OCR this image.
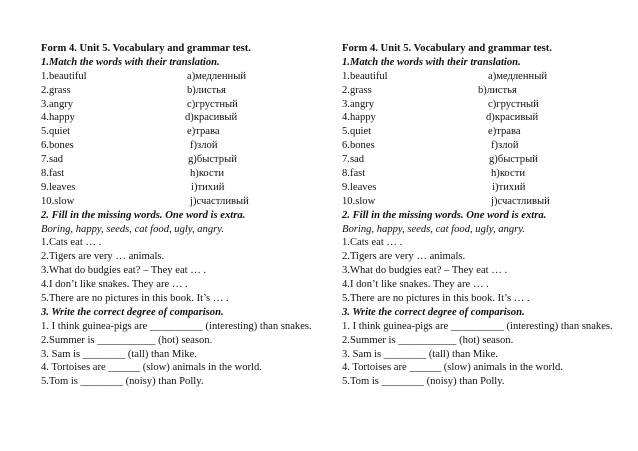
Form 4. Unit 5. Vocabulary and grammar test.
1.Match the words with their translation.
1.beautiful	а)медленный
2.grass	b)листья
3.angry	c)грустный
4.happy	d)красивый
5.quiet	e)трава
6.bones	f)злой
7.sad	g)быстрый
8.fast	h)кости
9.leaves	i)тихий
10.slow	j)счастливый
2. Fill in the missing words. One word is extra.
Boring, happy, seeds, cat food, ugly, angry.
1.Cats eat … .
2.Tigers are very … animals.
3.What do budgies eat? – They eat … .
4.I don’t like snakes. They are … .
5.There are no pictures in this book. It’s … .
3. Write the correct degree of comparison.
1. I think guinea-pigs are __________ (interesting) than snakes.
2.Summer is ___________ (hot) season.
3. Sam is ________ (tall) than Mike.
4. Tortoises are ______ (slow) animals in the world.
5.Tom is ________ (noisy) than Polly.
Form 4. Unit 5. Vocabulary and grammar test.
1.Match the words with their translation.
1.beautiful	а)медленный
2.grass	b)листья
3.angry	c)грустный
4.happy	d)красивый
5.quiet	e)трава
6.bones	f)злой
7.sad	g)быстрый
8.fast	h)кости
9.leaves	i)тихий
10.slow	j)счастливый
2. Fill in the missing words. One word is extra.
Boring, happy, seeds, cat food, ugly, angry.
1.Cats eat … .
2.Tigers are very … animals.
3.What do budgies eat? – They eat … .
4.I don’t like snakes. They are … .
5.There are no pictures in this book. It’s … .
3. Write the correct degree of comparison.
1. I think guinea-pigs are __________ (interesting) than snakes.
2.Summer is ___________ (hot) season.
3. Sam is ________ (tall) than Mike.
4. Tortoises are ______ (slow) animals in the world.
5.Tom is ________ (noisy) than Polly.
